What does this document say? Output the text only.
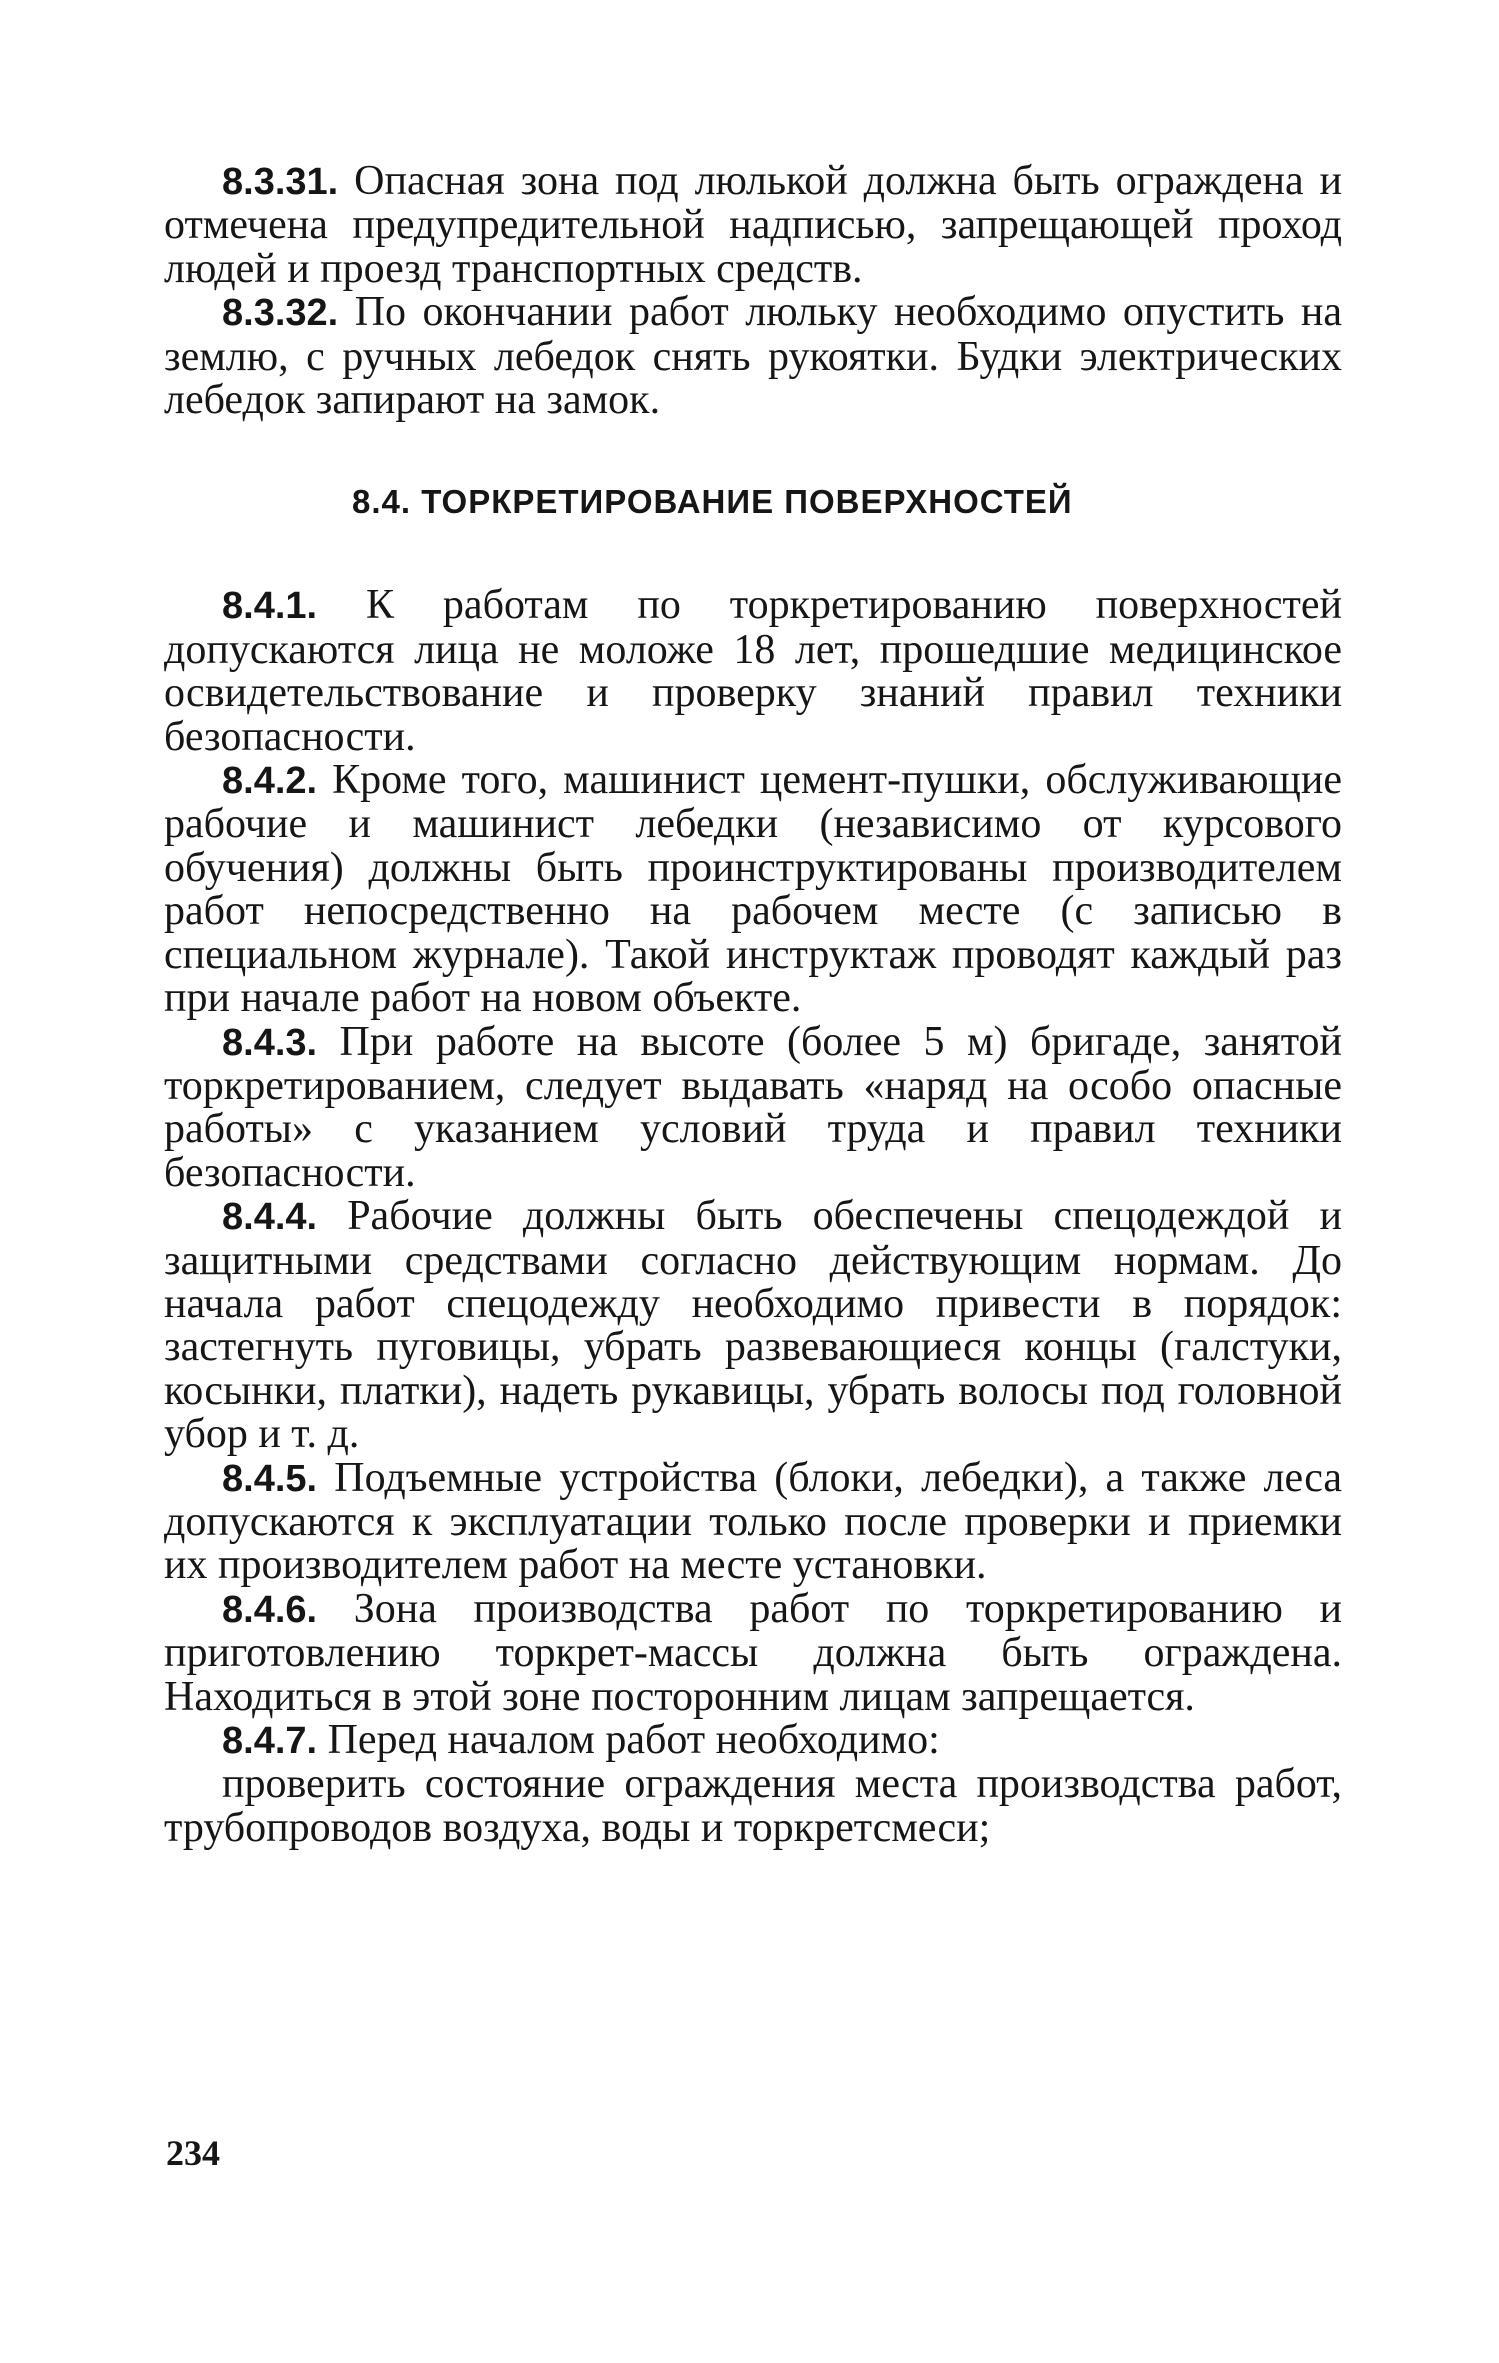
8.3.31. Опасная зона под люлькой должна быть ограждена и отмечена предупредительной надписью, запрещающей проход людей и проезд транспортных средств.

8.3.32. По окончании работ люльку необходимо опустить на землю, с ручных лебедок снять рукоятки. Будки электрических лебедок запирают на замок.

8.4. ТОРКРЕТИРОВАНИЕ ПОВЕРХНОСТЕЙ

8.4.1. К работам по торкретированию поверхностей допускаются лица не моложе 18 лет, прошедшие медицинское освидетельствование и проверку знаний правил техники безопасности.

8.4.2. Кроме того, машинист цемент-пушки, обслуживающие рабочие и машинист лебедки (независимо от курсового обучения) должны быть проинструктированы производителем работ непосредственно на рабочем месте (с записью в специальном журнале). Такой инструктаж проводят каждый раз при начале работ на новом объекте.

8.4.3. При работе на высоте (более 5 м) бригаде, занятой торкретированием, следует выдавать «наряд на особо опасные работы» с указанием условий труда и правил техники безопасности.

8.4.4. Рабочие должны быть обеспечены спецодеждой и защитными средствами согласно действующим нормам. До начала работ спецодежду необходимо привести в порядок: застегнуть пуговицы, убрать развевающиеся концы (галстуки, косынки, платки), надеть рукавицы, убрать волосы под головной убор и т. д.

8.4.5. Подъемные устройства (блоки, лебедки), а также леса допускаются к эксплуатации только после проверки и приемки их производителем работ на месте установки.

8.4.6. Зона производства работ по торкретированию и приготовлению торкрет-массы должна быть ограждена. Находиться в этой зоне посторонним лицам запрещается.

8.4.7. Перед началом работ необходимо:

проверить состояние ограждения места производства работ, трубопроводов воздуха, воды и торкретсмеси;

234
